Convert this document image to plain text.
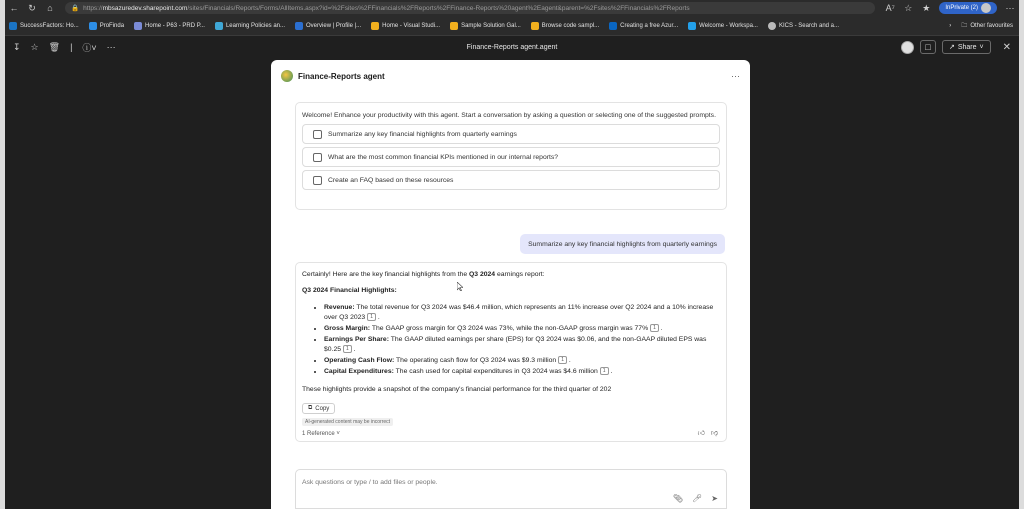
←	↻	⌂	🔒 https:// mbsazuredev.sharepoint.com /sites/Financials/Reports/Forms/AllItems.aspx?id=%2Fsites%2FFinancials%2FReports%2FFinance-Reports%20agent%2Eagent&parent=%2Fsites%2FFinancials%2FReports	A⁷	☆	★	InPrivate (2)	⋯
SuccessFactors: Ho...	ProFinda	Home - P63 - PRD P...	Learning Policies an...	Overview | Profile |...	Home - Visual Studi...	Sample Solution Gal...	Browse code sampl...	Creating a free Azur...	Welcome - Workspa...	KICS - Search and a...	› 🗀 Other favourites
↧ ☆ 🗑 | ⓘ˅ ⋯	Finance-Reports agent.agent	□	↗ Share ˅ ✕
Finance-Reports agent	⋯

Welcome! Enhance your productivity with this agent. Start a conversation by asking a question or selecting one of the suggested prompts.

Summarize any key financial highlights from quarterly earnings
What are the most common financial KPIs mentioned in our internal reports?
Create an FAQ based on these resources
Summarize any key financial highlights from quarterly earnings

Certainly! Here are the key financial highlights from the Q3 2024 earnings report:

Q3 2024 Financial Highlights:

• Revenue: The total revenue for Q3 2024 was $46.4 million, which represents an 11% increase over Q2 2024 and a 10% increase over Q3 2023 1 .
• Gross Margin: The GAAP gross margin for Q3 2024 was 73%, while the non-GAAP gross margin was 77% 1 .
• Earnings Per Share: The GAAP diluted earnings per share (EPS) for Q3 2024 was $0.06, and the non-GAAP diluted EPS was $0.25 1 .
• Operating Cash Flow: The operating cash flow for Q3 2024 was $9.3 million 1 .
• Capital Expenditures: The cash used for capital expenditures in Q3 2024 was $4.6 million 1 .

These highlights provide a snapshot of the company's financial performance for the third quarter of 202

⧉ Copy
AI-generated content may be incorrect
1 Reference ˅	👍︎ 👎︎
Ask questions or type / to add files or people.
📎︎ 🎤︎ ➤
